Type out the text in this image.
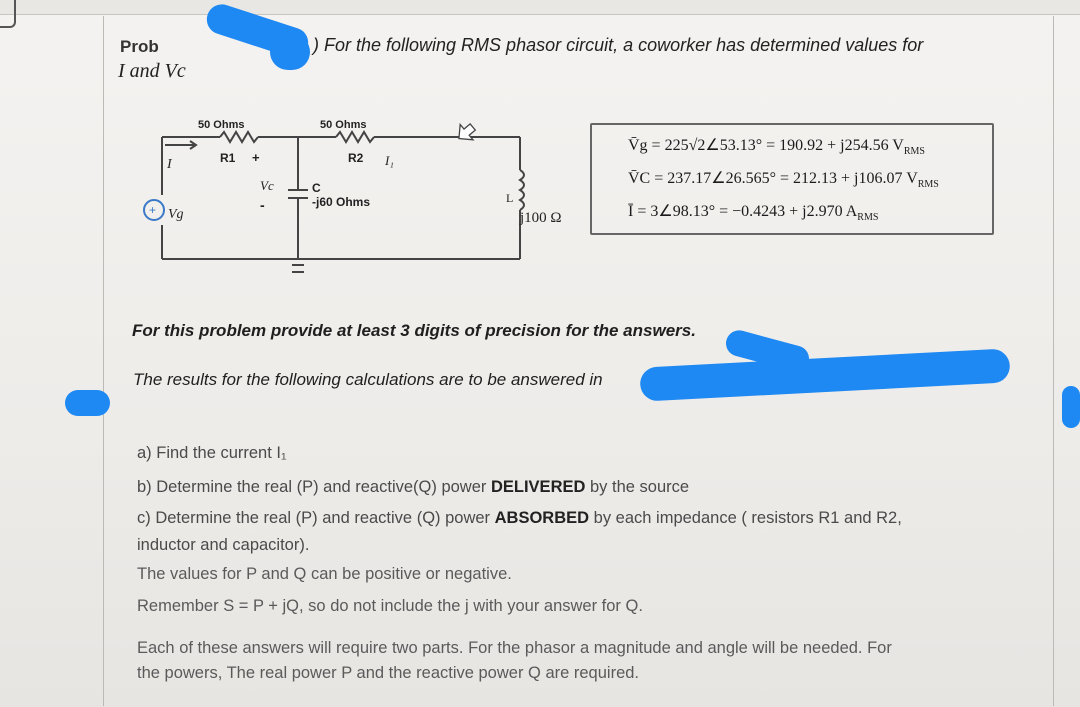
Prob
I and Vc
) For the following RMS phasor circuit, a coworker has determined values for
+
50 Ohms
R1 +
50 Ohms
R2
I	I₁
Vc
-
C
-j60 Ohms
Vg
L
j100 Ω
V̄g = 225√2∠53.13° = 190.92 + j254.56 $V_{RMS}$
V̄C = 237.17∠26.565° = 212.13 + j106.07 $V_{RMS}$
Ī = 3∠98.13° = −0.4243 + j2.970 $A_{RMS}$
For this problem provide at least 3 digits of precision for the answers.
The results for the following calculations are to be answered in
a) Find the current I₁
b) Determine the real (P) and reactive(Q) power DELIVERED by the source
c) Determine the real (P) and reactive (Q) power ABSORBED by each impedance ( resistors R1 and R2,
inductor and capacitor).
The values for P and Q can be positive or negative.
Remember S = P + jQ, so do not include the j with your answer for Q.
Each of these answers will require two parts. For the phasor a magnitude and angle will be needed. For
the powers, The real power P and the reactive power Q are required.
